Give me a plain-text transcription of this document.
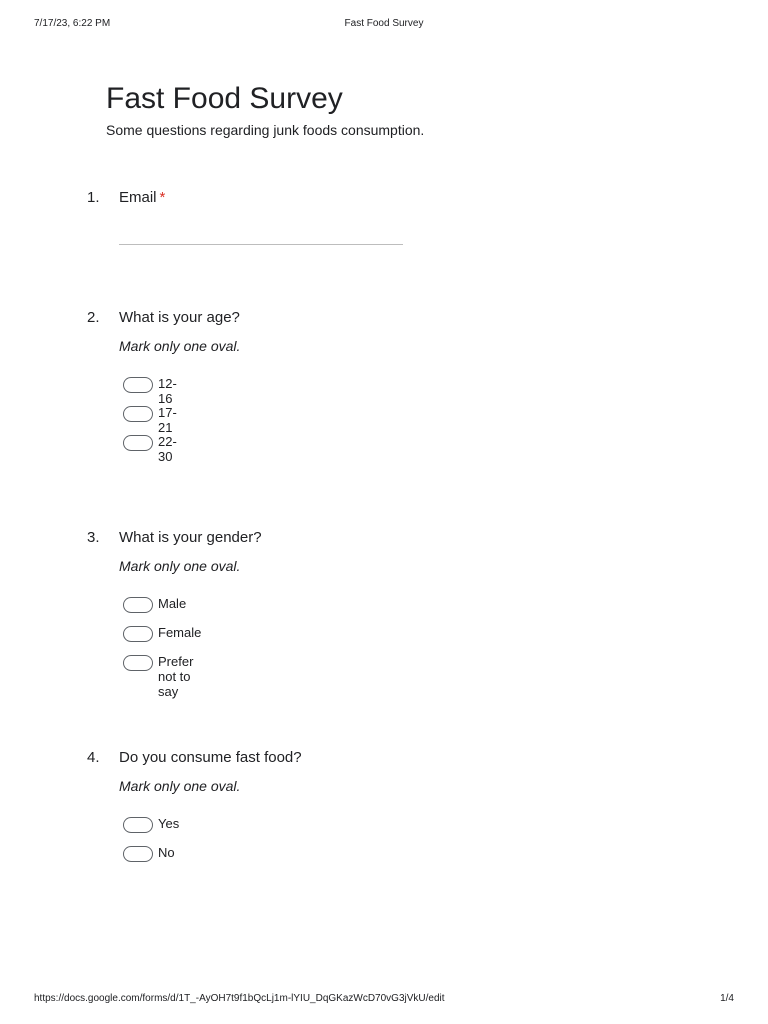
7/17/23, 6:22 PM	Fast Food Survey
Fast Food Survey
Some questions regarding junk foods consumption.
1. Email *
2. What is your age?
Mark only one oval.
12-16
17-21
22-30
3. What is your gender?
Mark only one oval.
Male
Female
Prefer not to say
4. Do you consume fast food?
Mark only one oval.
Yes
No
https://docs.google.com/forms/d/1T_-AyOH7t9f1bQcLj1m-lYIU_DqGKazWcD70vG3jVkU/edit	1/4
